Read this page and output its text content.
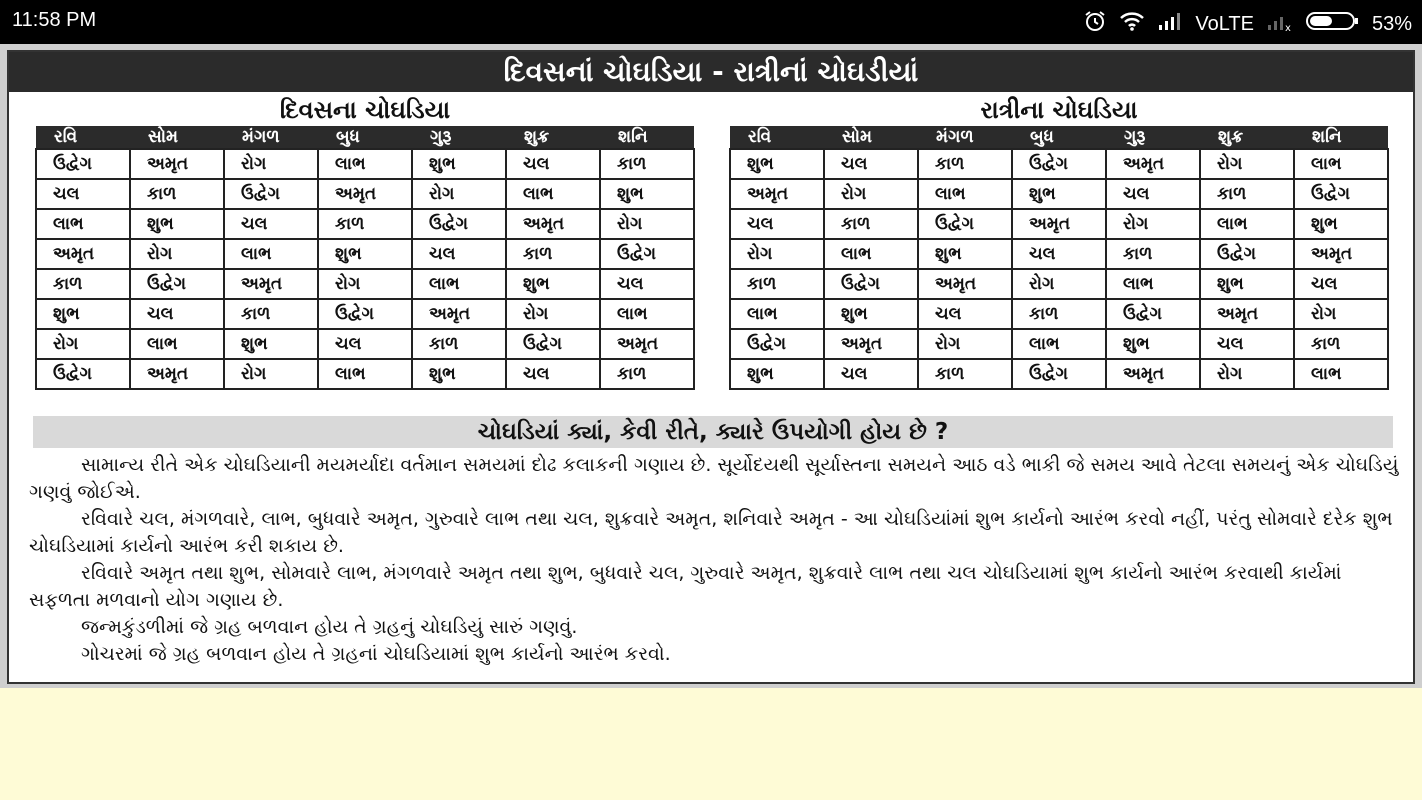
11:58 PM	VoLTE	x	53%
દિવસનાં ચોઘડિયા - રાત્રીનાં ચોઘડીયાં
દિવસના ચોઘડિયા
રવિ	સોમ	મંગળ	બુધ	ગુરૂ	શુક્ર	શનિ
ઉદ્વેગ	અમૃત	રોગ	લાભ	શુભ	ચલ	કાળ
ચલ	કાળ	ઉદ્વેગ	અમૃત	રોગ	લાભ	શુભ
લાભ	શુભ	ચલ	કાળ	ઉદ્વેગ	અમૃત	રોગ
અમૃત	રોગ	લાભ	શુભ	ચલ	કાળ	ઉદ્વેગ
કાળ	ઉદ્વેગ	અમૃત	રોગ	લાભ	શુભ	ચલ
શુભ	ચલ	કાળ	ઉદ્વેગ	અમૃત	રોગ	લાભ
રોગ	લાભ	શુભ	ચલ	કાળ	ઉદ્વેગ	અમૃત
ઉદ્વેગ	અમૃત	રોગ	લાભ	શુભ	ચલ	કાળ
રાત્રીના ચોઘડિયા
રવિ	સોમ	મંગળ	બુધ	ગુરૂ	શુક્ર	શનિ
શુભ	ચલ	કાળ	ઉદ્વેગ	અમૃત	રોગ	લાભ
અમૃત	રોગ	લાભ	શુભ	ચલ	કાળ	ઉદ્વેગ
ચલ	કાળ	ઉદ્વેગ	અમૃત	રોગ	લાભ	શુભ
રોગ	લાભ	શુભ	ચલ	કાળ	ઉદ્વેગ	અમૃત
કાળ	ઉદ્વેગ	અમૃત	રોગ	લાભ	શુભ	ચલ
લાભ	શુભ	ચલ	કાળ	ઉદ્વેગ	અમૃત	રોગ
ઉદ્વેગ	અમૃત	રોગ	લાભ	શુભ	ચલ	કાળ
શુભ	ચલ	કાળ	ઉદ્વેગ	અમૃત	રોગ	લાભ
ચોઘડિયાં ક્યાં, કેવી રીતે, ક્યારે ઉપયોગી હોય છે ?

સામાન્ય રીતે એક ચોઘડિયાની મયમર્યાદા વર્તમાન સમયમાં દોઢ કલાકની ગણાય છે. સૂર્યોદયથી સૂર્યાસ્તના સમયને આઠ વડે ભાકી જે સમય આવે તેટલા સમયનું એક ચોઘડિયું ગણવું જોઈએ.

રવિવારે ચલ, મંગળવારે, લાભ, બુધવારે અમૃત, ગુરુવારે લાભ તથા ચલ, શુક્રવારે અમૃત, શનિવારે અમૃત - આ ચોઘડિયાંમાં શુભ કાર્યનો આરંભ કરવો નહીં, પરંતુ સોમવારે દરેક શુભ ચોઘડિયામાં કાર્યનો આરંભ કરી શકાય છે.

રવિવારે અમૃત તથા શુભ, સોમવારે લાભ, મંગળવારે અમૃત તથા શુભ, બુધવારે ચલ, ગુરુવારે અમૃત, શુક્રવારે લાભ તથા ચલ ચોઘડિયામાં શુભ કાર્યનો આરંભ કરવાથી કાર્યમાં સફળતા મળવાનો યોગ ગણાય છે.

જન્મકુંડળીમાં જે ગ્રહ બળવાન હોય તે ગ્રહનું ચોઘડિયું સારું ગણવું.

ગોચરમાં જે ગ્રહ બળવાન હોય તે ગ્રહનાં ચોઘડિયામાં શુભ કાર્યનો આરંભ કરવો.
